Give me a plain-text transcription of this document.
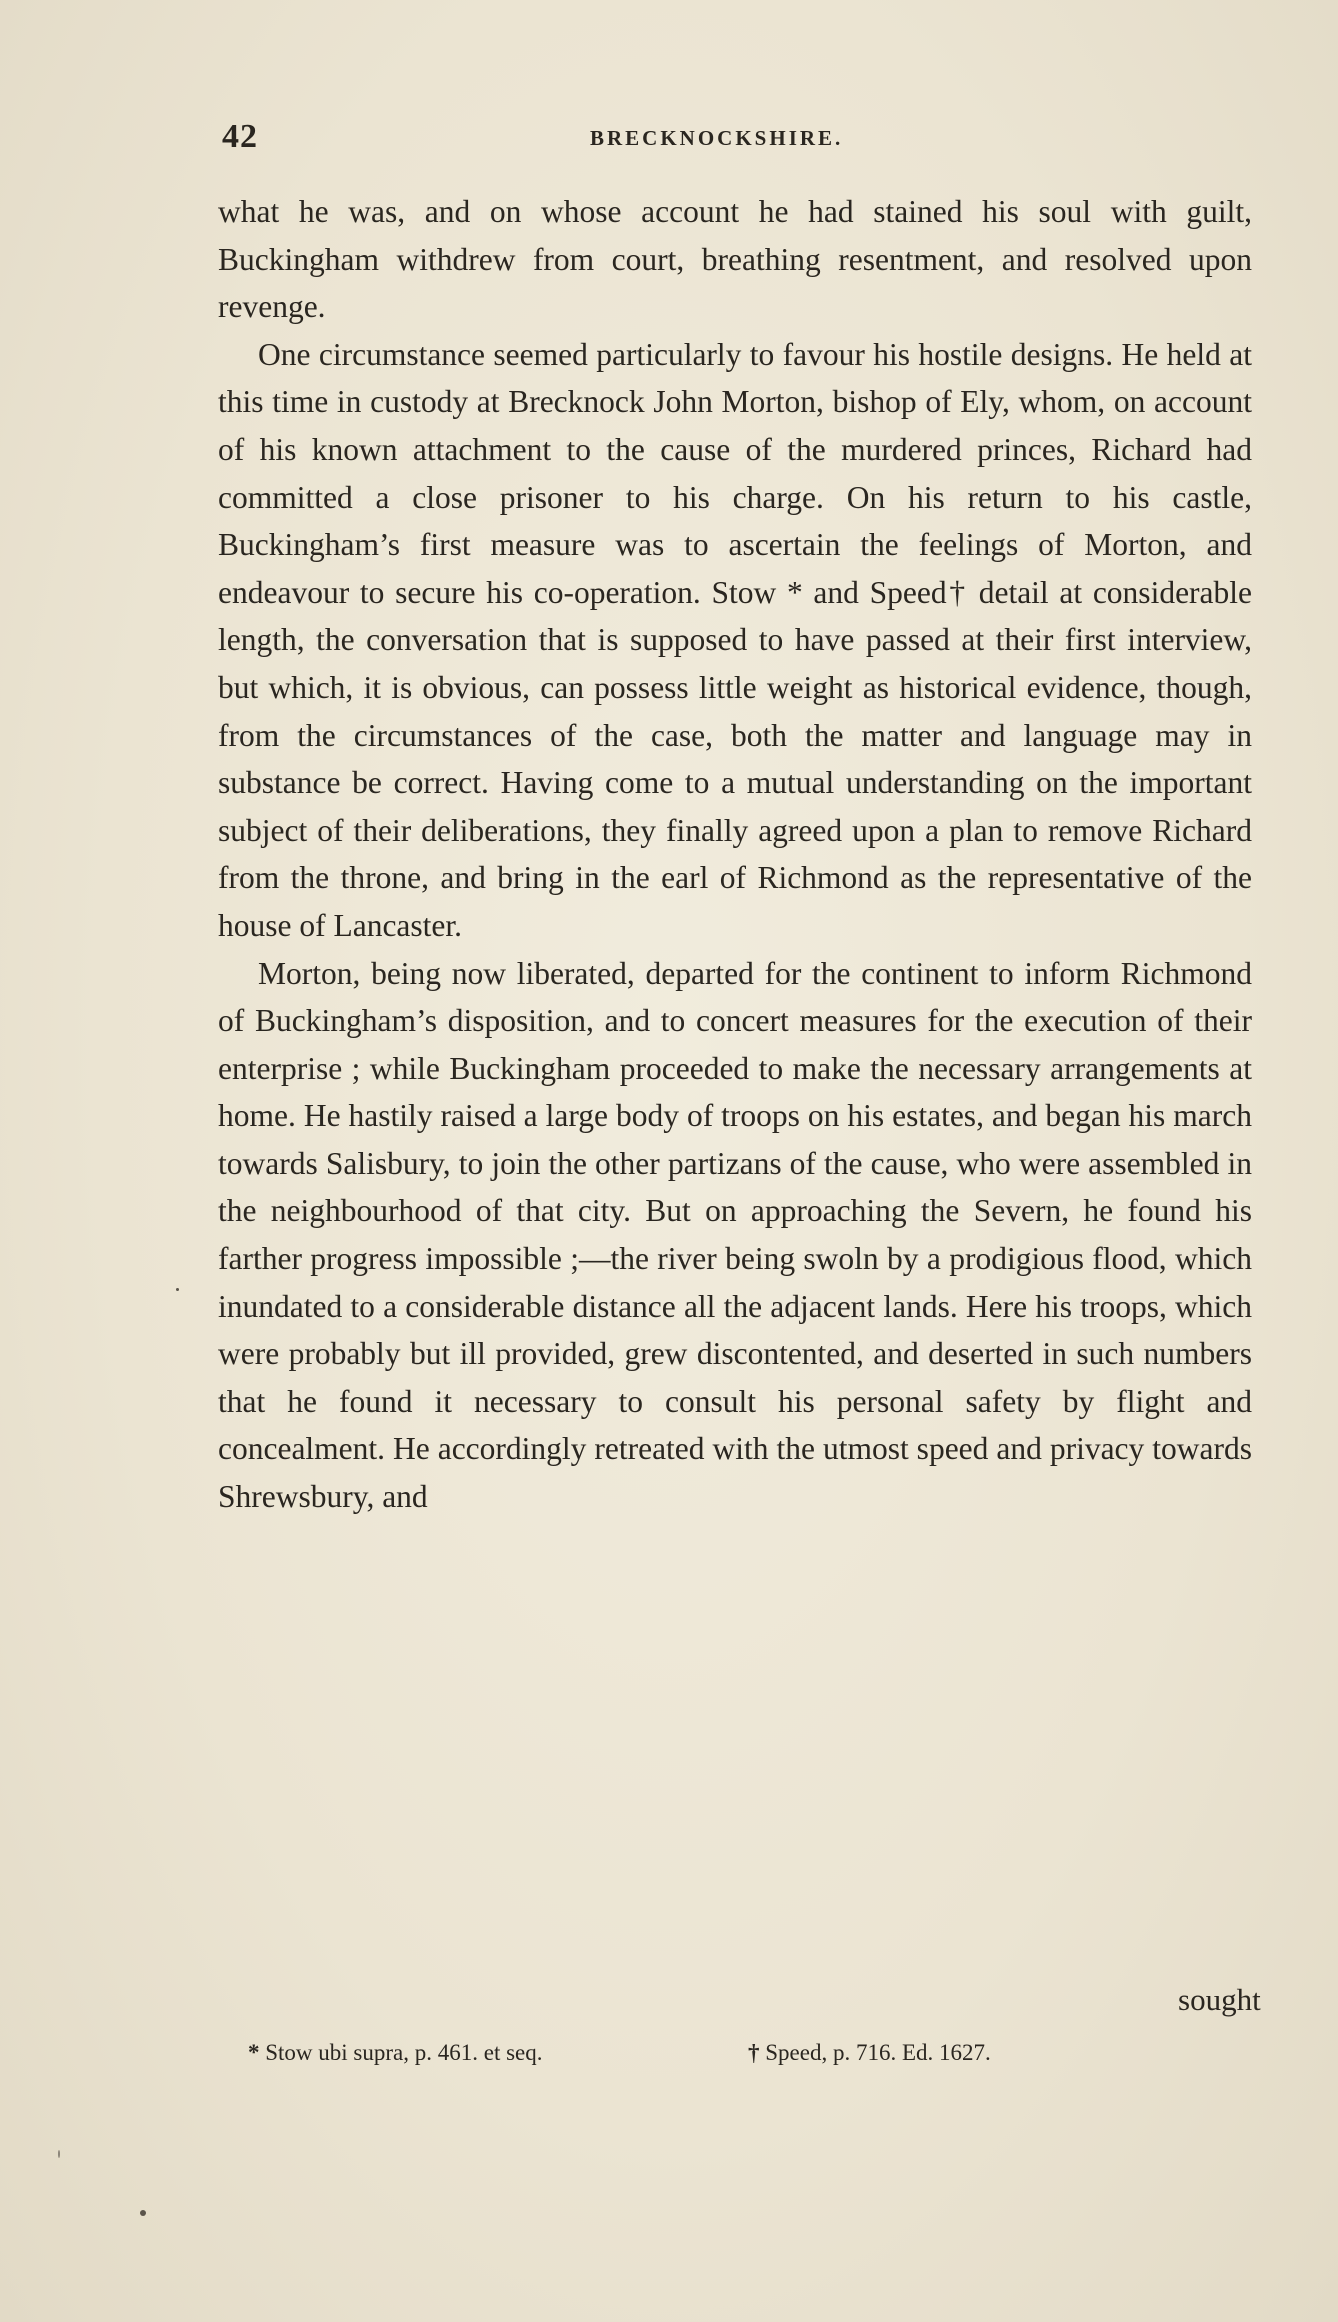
42	BRECKNOCKSHIRE.

what he was, and on whose account he had stained his soul with guilt, Buckingham withdrew from court, breathing resentment, and resolved upon revenge.

One circumstance seemed particularly to favour his hostile designs. He held at this time in custody at Brecknock John Morton, bishop of Ely, whom, on account of his known attachment to the cause of the murdered princes, Richard had committed a close prisoner to his charge. On his return to his castle, Buckingham’s first measure was to ascertain the feelings of Morton, and endeavour to secure his co-operation. Stow * and Speed† detail at considerable length, the conversation that is supposed to have passed at their first interview, but which, it is obvious, can possess little weight as historical evidence, though, from the circumstances of the case, both the matter and language may in substance be correct. Having come to a mutual understanding on the important subject of their deliberations, they finally agreed upon a plan to remove Richard from the throne, and bring in the earl of Richmond as the representative of the house of Lancaster.

Morton, being now liberated, departed for the continent to inform Richmond of Buckingham’s disposition, and to concert measures for the execution of their enterprise ; while Buckingham proceeded to make the necessary arrangements at home. He hastily raised a large body of troops on his estates, and began his march towards Salisbury, to join the other partizans of the cause, who were assembled in the neighbourhood of that city. But on approaching the Severn, he found his farther progress impossible ;—the river being swoln by a prodigious flood, which inundated to a considerable distance all the adjacent lands. Here his troops, which were probably but ill provided, grew discontented, and deserted in such numbers that he found it necessary to consult his personal safety by flight and concealment. He accordingly retreated with the utmost speed and privacy towards Shrewsbury, and

sought
* Stow ubi supra, p. 461. et seq.	† Speed, p. 716. Ed. 1627.
